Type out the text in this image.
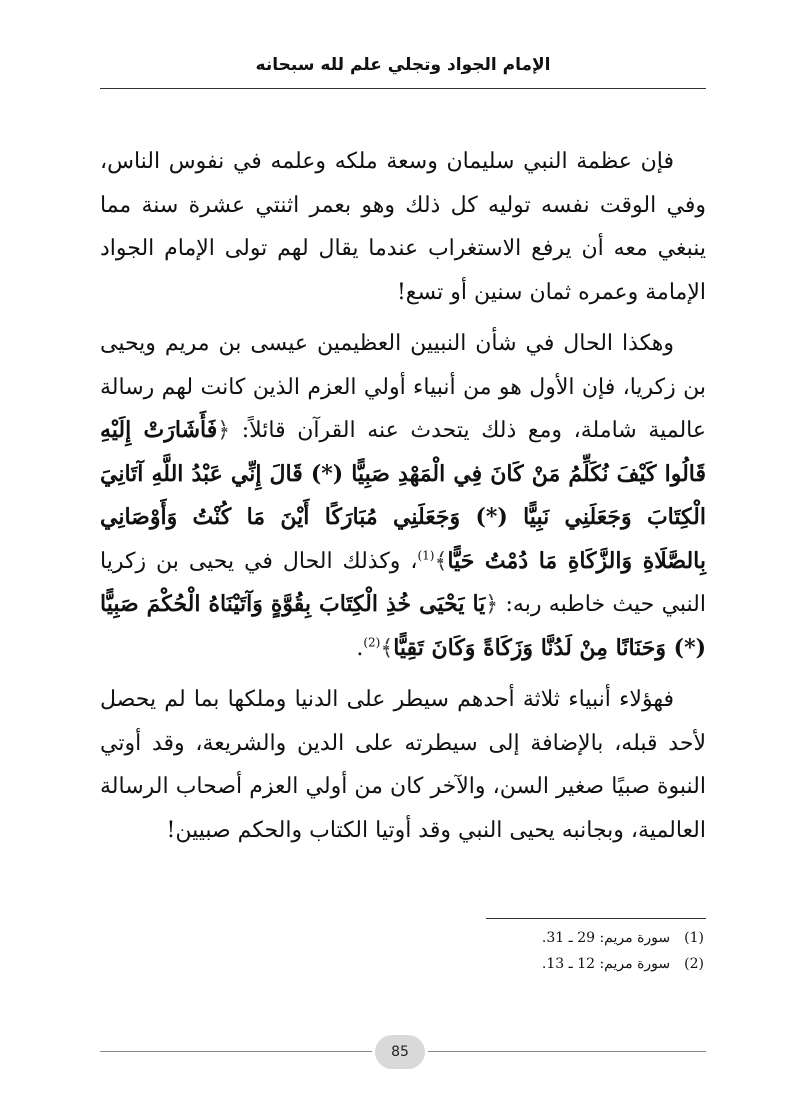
الإمام الجواد وتجلي علم لله سبحانه

فإن عظمة النبي سليمان وسعة ملكه وعلمه في نفوس الناس، وفي الوقت نفسه توليه كل ذلك وهو بعمر اثنتي عشرة سنة مما ينبغي معه أن يرفع الاستغراب عندما يقال لهم تولى الإمام الجواد الإمامة وعمره ثمان سنين أو تسع!

وهكذا الحال في شأن النبيين العظيمين عيسى بن مريم ويحيى بن زكريا، فإن الأول هو من أنبياء أولي العزم الذين كانت لهم رسالة عالمية شاملة، ومع ذلك يتحدث عنه القرآن قائلاً: ﴿فَأَشَارَتْ إِلَيْهِ قَالُوا كَيْفَ نُكَلِّمُ مَنْ كَانَ فِي الْمَهْدِ صَبِيًّا (*) قَالَ إِنِّي عَبْدُ اللَّهِ آتَانِيَ الْكِتَابَ وَجَعَلَنِي نَبِيًّا (*) وَجَعَلَنِي مُبَارَكًا أَيْنَ مَا كُنْتُ وَأَوْصَانِي بِالصَّلَاةِ وَالزَّكَاةِ مَا دُمْتُ حَيًّا﴾$^{(1)}$، وكذلك الحال في يحيى بن زكريا النبي حيث خاطبه ربه: ﴿يَا يَحْيَى خُذِ الْكِتَابَ بِقُوَّةٍ وَآتَيْنَاهُ الْحُكْمَ صَبِيًّا (*) وَحَنَانًا مِنْ لَدُنَّا وَزَكَاةً وَكَانَ تَقِيًّا﴾$^{(2)}$.

فهؤلاء أنبياء ثلاثة أحدهم سيطر على الدنيا وملكها بما لم يحصل لأحد قبله، بالإضافة إلى سيطرته على الدين والشريعة، وقد أوتي النبوة صبيًا صغير السن، والآخر كان من أولي العزم أصحاب الرسالة العالمية، وبجانبه يحيى النبي وقد أوتيا الكتاب والحكم صبيين!

(1)
سورة مريم: 29 ـ 31.
(2)
سورة مريم: 12 ـ 13.
85
